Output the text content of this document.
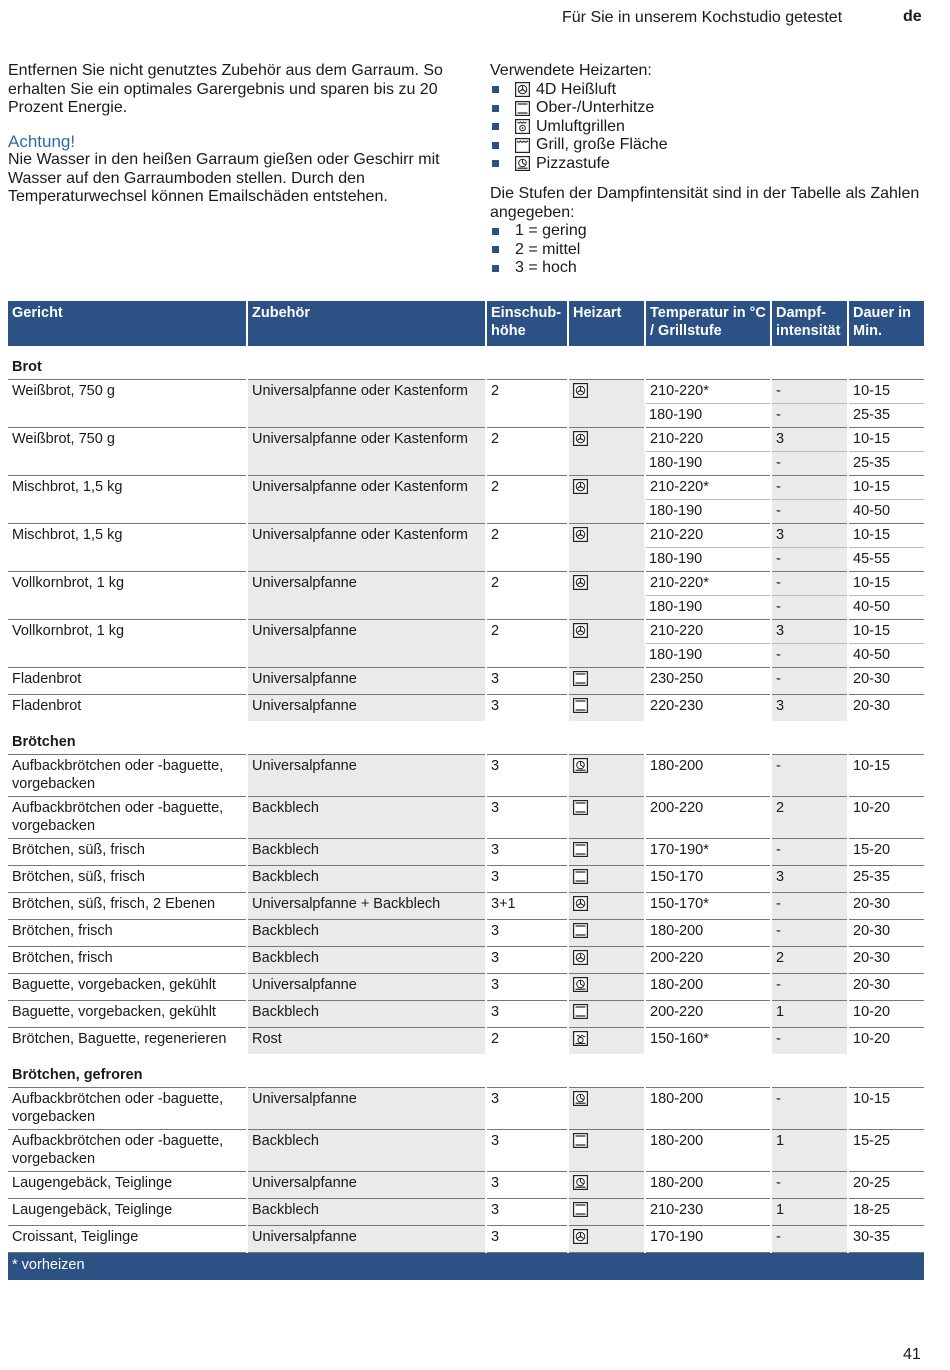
Für Sie in unserem Kochstudio getestet	de

Entfernen Sie nicht genutztes Zubehör aus dem Garraum. So erhalten Sie ein optimales Garergebnis und sparen bis zu 20 Prozent Energie.

Achtung!

Nie Wasser in den heißen Garraum gießen oder Geschirr mit Wasser auf den Garraumboden stellen. Durch den Temperaturwechsel können Emailschäden entstehen.

Verwendete Heizarten:

4D Heißluft
Ober-/Unterhitze
Umluftgrillen
Grill, große Fläche
Pizzastufe

Die Stufen der Dampfintensität sind in der Tabelle als Zahlen angegeben:

1 = gering
2 = mittel
3 = hoch
Gericht	Zubehör	Einschub-
höhe	Heizart	Temperatur in °C / Grillstufe	Dampf-
intensität	Dauer in Min.
Brot						
Weißbrot, 750 g	Universalpfanne oder Kastenform	2		210-220*	-	10-15
				180-190	-	25-35
Weißbrot, 750 g	Universalpfanne oder Kastenform	2		210-220	3	10-15
				180-190	-	25-35
Mischbrot, 1,5 kg	Universalpfanne oder Kastenform	2		210-220*	-	10-15
				180-190	-	40-50
Mischbrot, 1,5 kg	Universalpfanne oder Kastenform	2		210-220	3	10-15
				180-190	-	45-55
Vollkornbrot, 1 kg	Universalpfanne	2		210-220*	-	10-15
				180-190	-	40-50
Vollkornbrot, 1 kg	Universalpfanne	2		210-220	3	10-15
				180-190	-	40-50
Fladenbrot	Universalpfanne	3		230-250	-	20-30
Fladenbrot	Universalpfanne	3		220-230	3	20-30
Brötchen						
Aufbackbrötchen oder -baguette, vorgebacken	Universalpfanne	3		180-200	-	10-15
Aufbackbrötchen oder -baguette, vorgebacken	Backblech	3		200-220	2	10-20
Brötchen, süß, frisch	Backblech	3		170-190*	-	15-20
Brötchen, süß, frisch	Backblech	3		150-170	3	25-35
Brötchen, süß, frisch, 2 Ebenen	Universalpfanne + Backblech	3+1		150-170*	-	20-30
Brötchen, frisch	Backblech	3		180-200	-	20-30
Brötchen, frisch	Backblech	3		200-220	2	20-30
Baguette, vorgebacken, gekühlt	Universalpfanne	3		180-200	-	20-30
Baguette, vorgebacken, gekühlt	Backblech	3		200-220	1	10-20
Brötchen, Baguette, regenerieren	Rost	2		150-160*	-	10-20
Brötchen, gefroren						
Aufbackbrötchen oder -baguette, vorgebacken	Universalpfanne	3		180-200	-	10-15
Aufbackbrötchen oder -baguette, vorgebacken	Backblech	3		180-200	1	15-25
Laugengebäck, Teiglinge	Universalpfanne	3		180-200	-	20-25
Laugengebäck, Teiglinge	Backblech	3		210-230	1	18-25
Croissant, Teiglinge	Universalpfanne	3		170-190	-	30-35

* vorheizen						
41
